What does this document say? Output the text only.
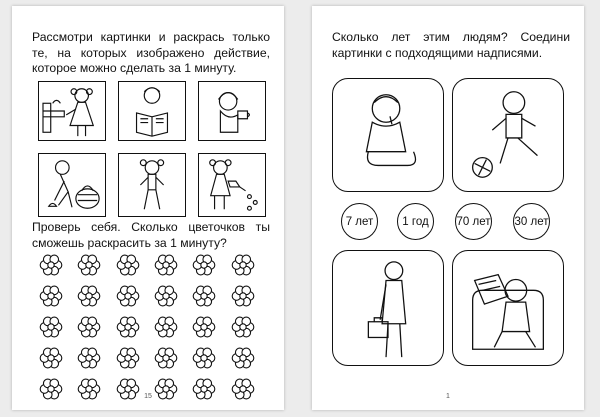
Рассмотри картинки и раскрась только те, на которых изображено действие, которое можно сделать за 1 минуту.

Проверь себя. Сколько цветочков ты сможешь раскрасить за 1 минуту?

15

Сколько лет этим людям? Соедини картинки с подходящими надписями.

7 лет	1 год	70 лет 30 лет
1
